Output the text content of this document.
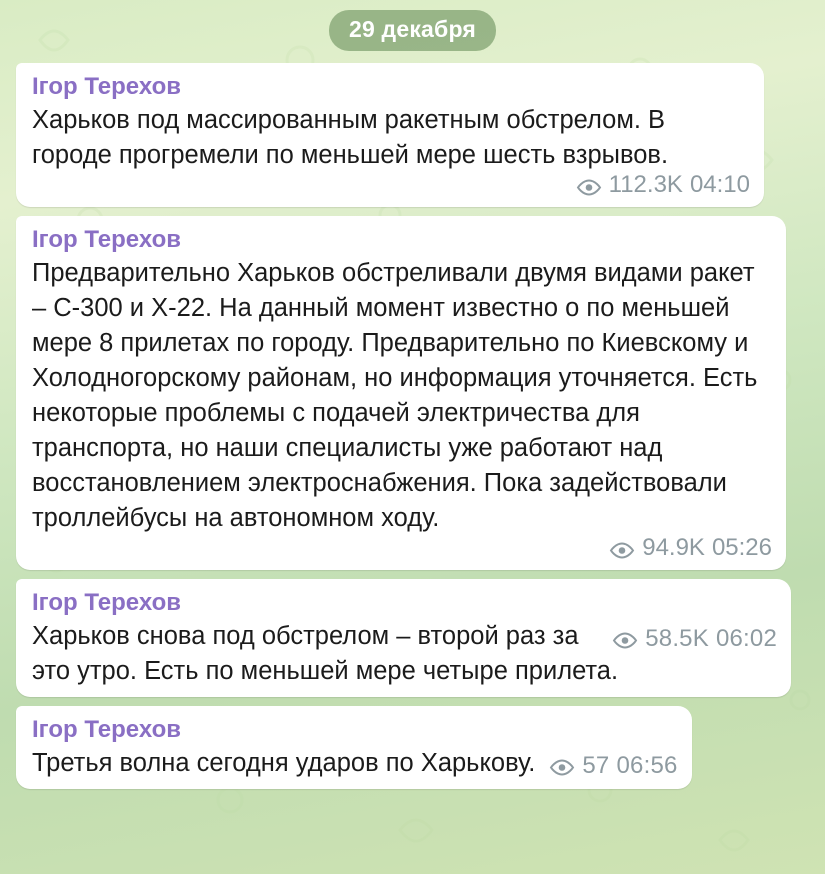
29 декабря
Ігор Терехов
Харьков под массированным ракетным обстрелом. В городе прогремели по меньшей мере шесть взрывов.
112.3K 04:10
Ігор Терехов
Предварительно Харьков обстреливали двумя видами ракет – С-300 и Х-22. На данный момент известно о по меньшей мере 8 прилетах по городу. Предварительно по Киевскому и Холодногорскому районам, но информация уточняется. Есть некоторые проблемы с подачей электричества для транспорта, но наши специалисты уже работают над восстановлением электроснабжения. Пока задействовали троллейбусы на автономном ходу.
94.9K 05:26
Ігор Терехов
58.5K 06:02
Харьков снова под обстрелом – второй раз за это утро. Есть по меньшей мере четыре прилета.
Ігор Терехов
57 06:56
Третья волна сегодня ударов по Харькову.
